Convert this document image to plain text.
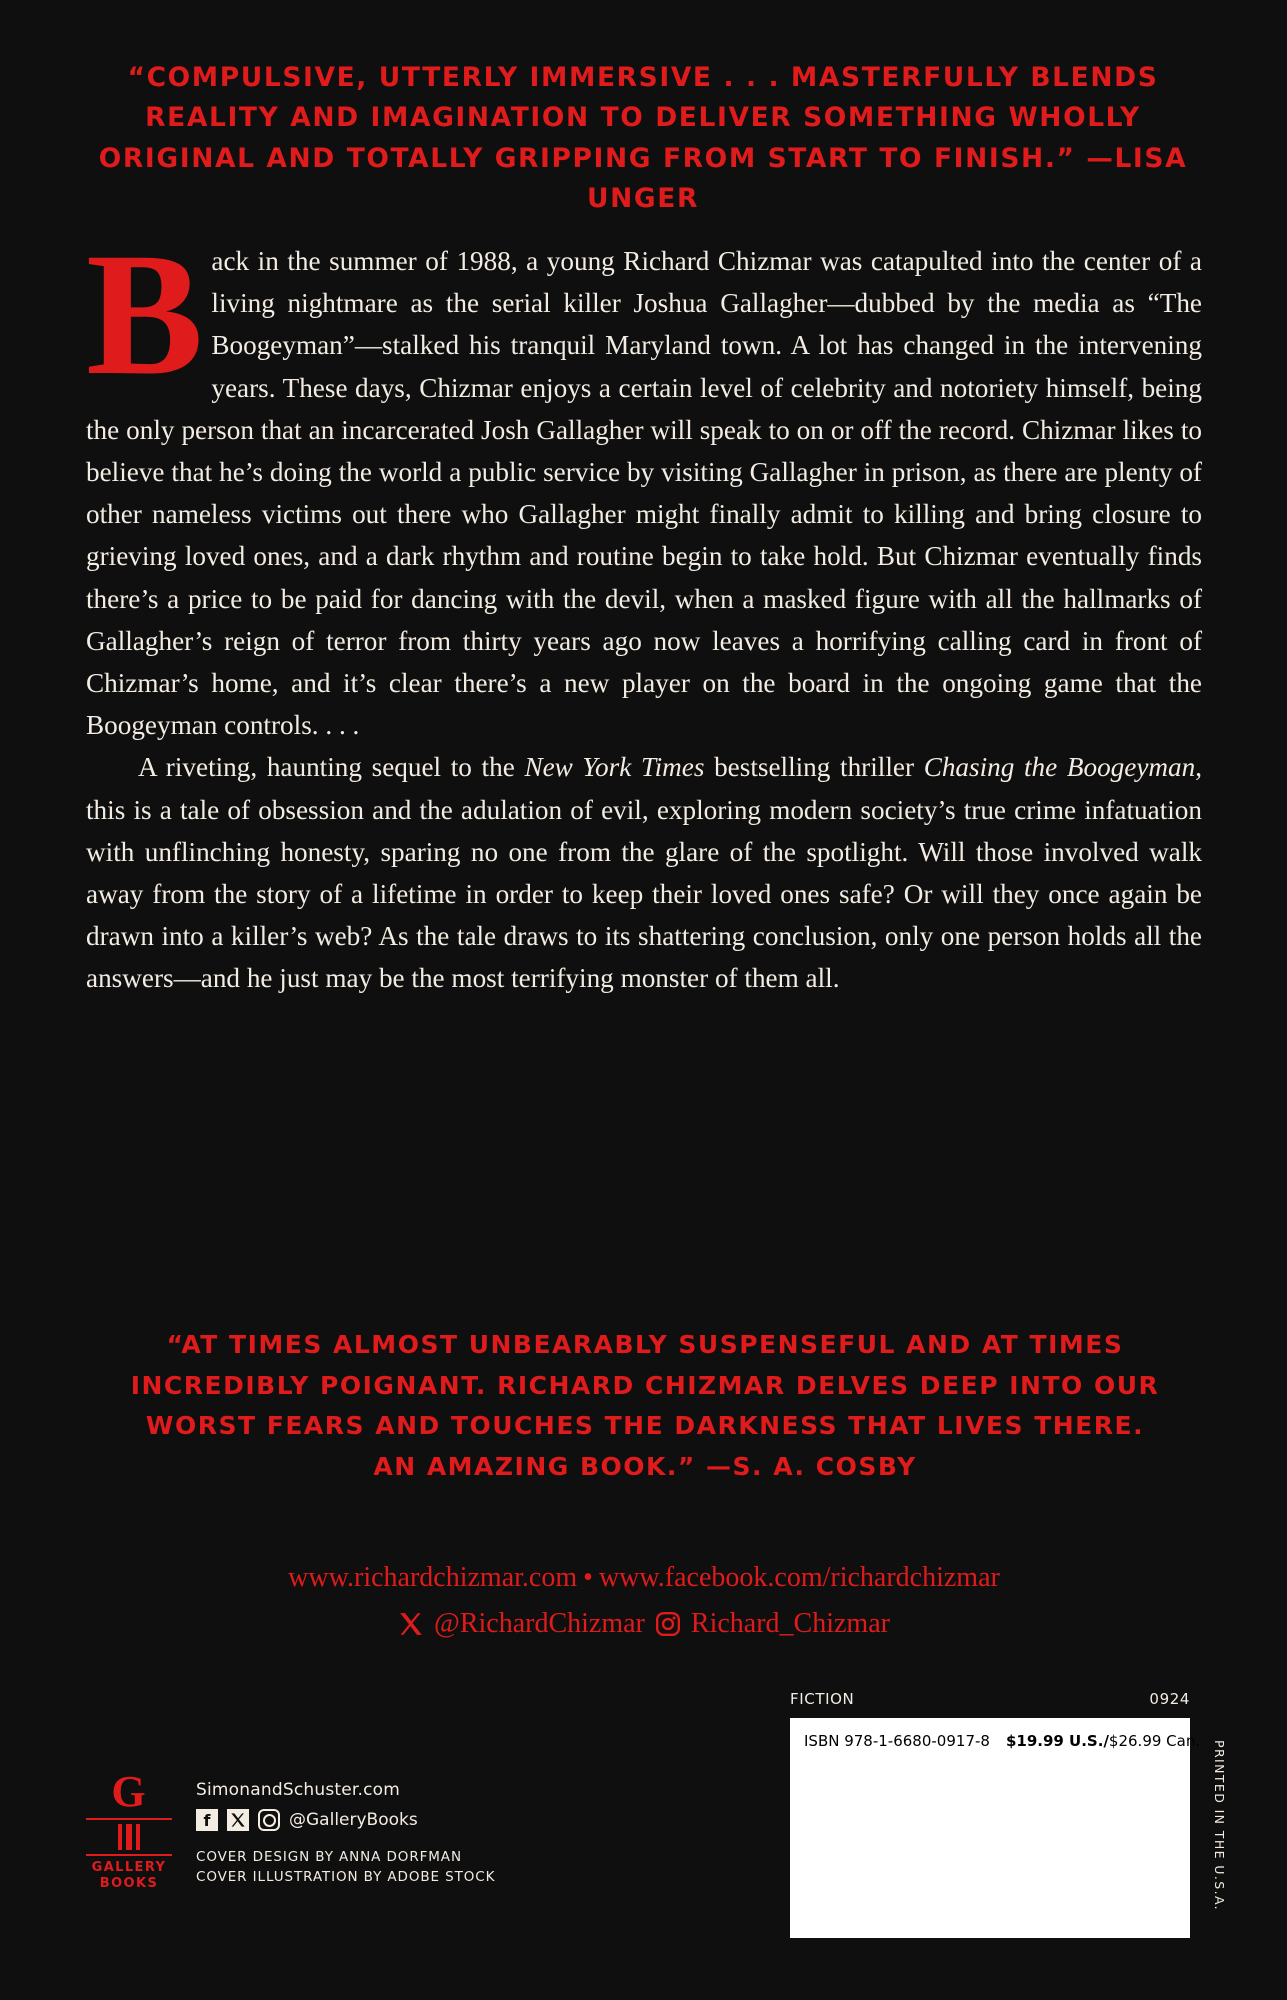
“COMPULSIVE, UTTERLY IMMERSIVE . . . MASTERFULLY BLENDS REALITY AND IMAGINATION TO DELIVER SOMETHING WHOLLY ORIGINAL AND TOTALLY GRIPPING FROM START TO FINISH.” —LISA UNGER

Back in the summer of 1988, a young Richard Chizmar was catapulted into the center of a living nightmare as the serial killer Joshua Gallagher—dubbed by the media as “The Boogeyman”—stalked his tranquil Maryland town. A lot has changed in the intervening years. These days, Chizmar enjoys a certain level of celebrity and notoriety himself, being the only person that an incarcerated Josh Gallagher will speak to on or off the record. Chizmar likes to believe that he’s doing the world a public service by visiting Gallagher in prison, as there are plenty of other nameless victims out there who Gallagher might finally admit to killing and bring closure to grieving loved ones, and a dark rhythm and routine begin to take hold. But Chizmar eventually finds there’s a price to be paid for dancing with the devil, when a masked figure with all the hallmarks of Gallagher’s reign of terror from thirty years ago now leaves a horrifying calling card in front of Chizmar’s home, and it’s clear there’s a new player on the board in the ongoing game that the Boogeyman controls. . . .

A riveting, haunting sequel to the New York Times bestselling thriller Chasing the Boogeyman, this is a tale of obsession and the adulation of evil, exploring modern society’s true crime infatuation with unflinching honesty, sparing no one from the glare of the spotlight. Will those involved walk away from the story of a lifetime in order to keep their loved ones safe? Or will they once again be drawn into a killer’s web? As the tale draws to its shattering conclusion, only one person holds all the answers—and he just may be the most terrifying monster of them all.

“AT TIMES ALMOST UNBEARABLY SUSPENSEFUL AND AT TIMES INCREDIBLY POIGNANT. RICHARD CHIZMAR DELVES DEEP INTO OUR WORST FEARS AND TOUCHES THE DARKNESS THAT LIVES THERE. AN AMAZING BOOK.” —S. A. COSBY
www.richardchizmar.com • www.facebook.com/richardchizmar
@RichardChizmar Richard_Chizmar
G
GALLERY
BOOKS
SimonandSchuster.com
f	@GalleryBooks
COVER DESIGN BY ANNA DORFMAN
COVER ILLUSTRATION BY ADOBE STOCK
FICTION	0924
ISBN 978-1-6680-0917-8 $19.99 U.S./$26.99 Can. PRINTED IN THE U.S.A.
